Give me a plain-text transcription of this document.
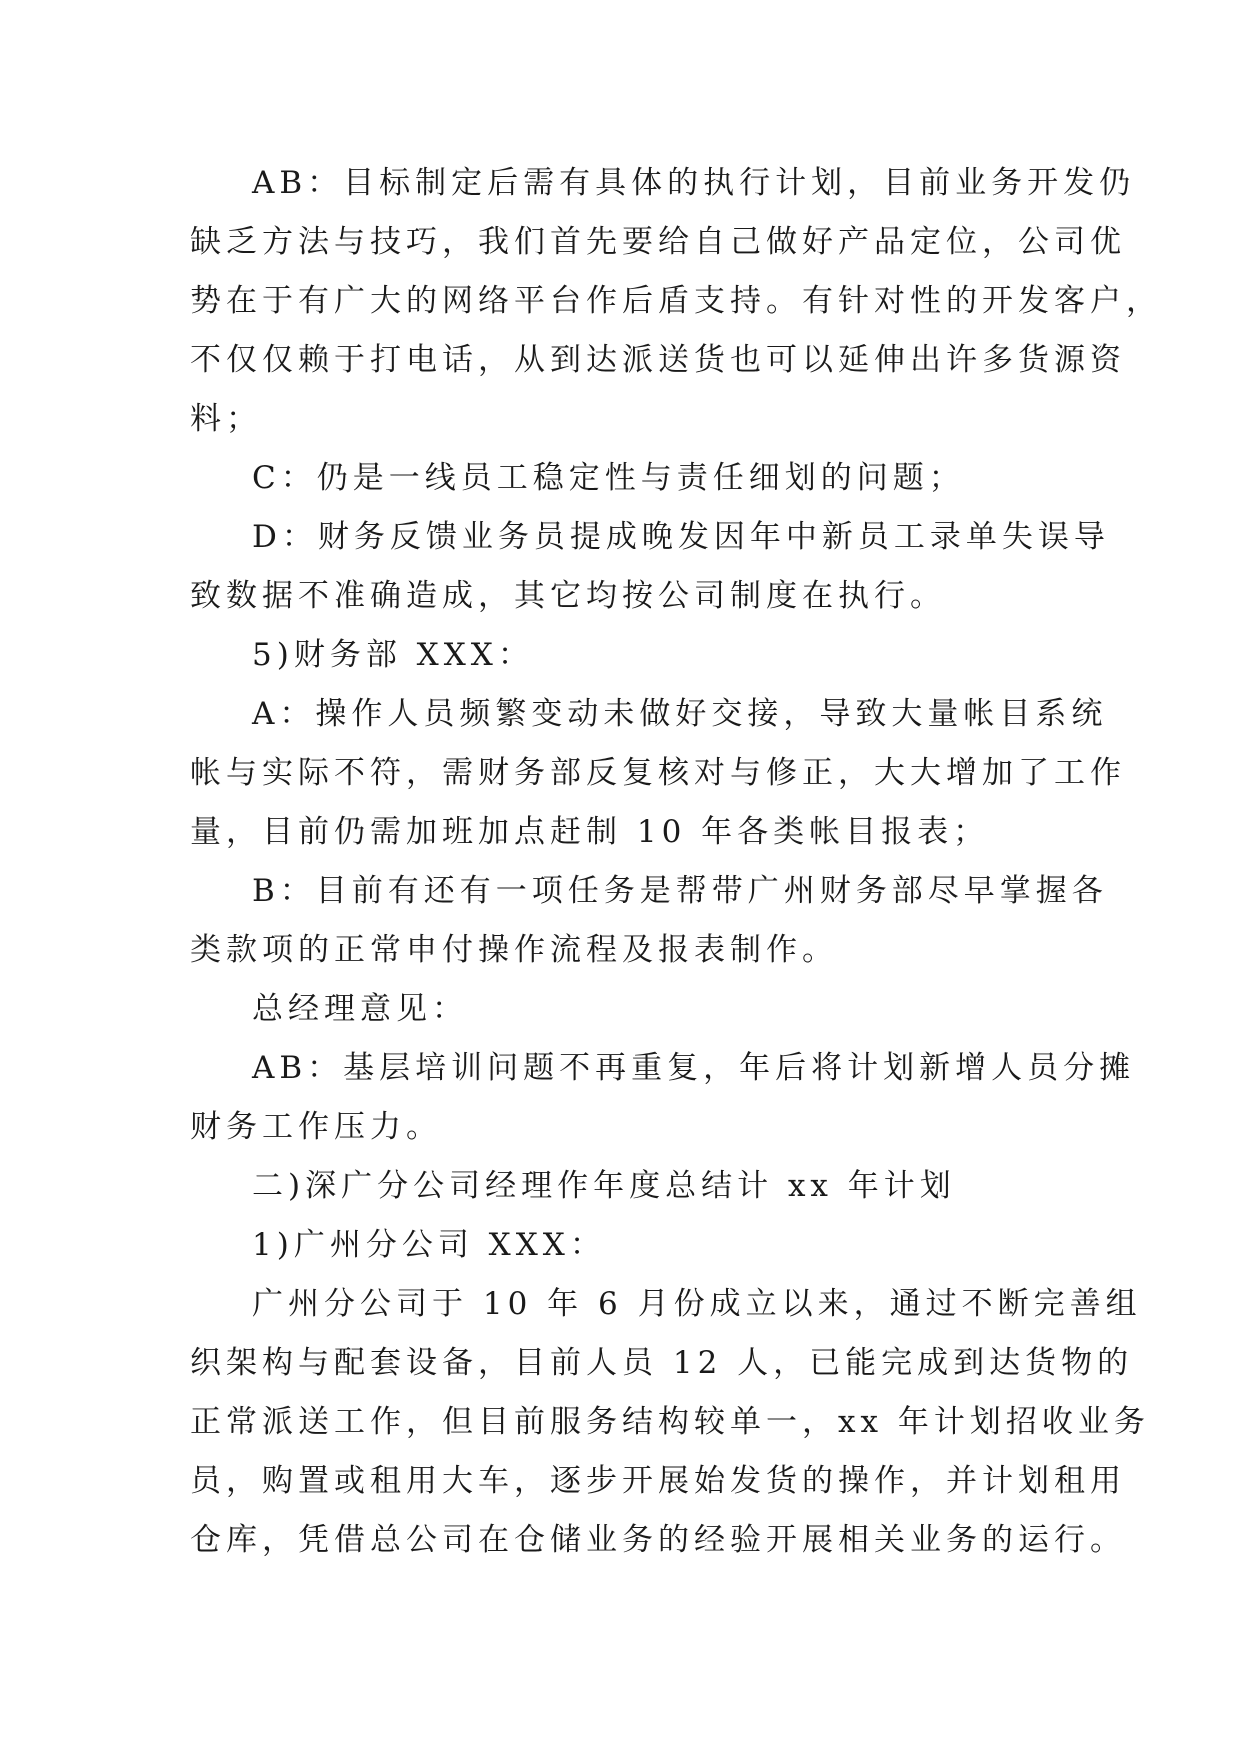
AB：目标制定后需有具体的执行计划，目前业务开发仍
缺乏方法与技巧，我们首先要给自己做好产品定位，公司优
势在于有广大的网络平台作后盾支持。有针对性的开发客户，
不仅仅赖于打电话，从到达派送货也可以延伸出许多货源资
料；
C：仍是一线员工稳定性与责任细划的问题；
D：财务反馈业务员提成晚发因年中新员工录单失误导
致数据不准确造成，其它均按公司制度在执行。
5)财务部 XXX：
A：操作人员频繁变动未做好交接，导致大量帐目系统
帐与实际不符，需财务部反复核对与修正，大大增加了工作
量，目前仍需加班加点赶制 10 年各类帐目报表；
B：目前有还有一项任务是帮带广州财务部尽早掌握各
类款项的正常申付操作流程及报表制作。
总经理意见：
AB：基层培训问题不再重复，年后将计划新增人员分摊
财务工作压力。
二)深广分公司经理作年度总结计 xx 年计划
1)广州分公司 XXX：
广州分公司于 10 年 6 月份成立以来，通过不断完善组
织架构与配套设备，目前人员 12 人，已能完成到达货物的
正常派送工作，但目前服务结构较单一，xx 年计划招收业务
员，购置或租用大车，逐步开展始发货的操作，并计划租用
仓库，凭借总公司在仓储业务的经验开展相关业务的运行。
